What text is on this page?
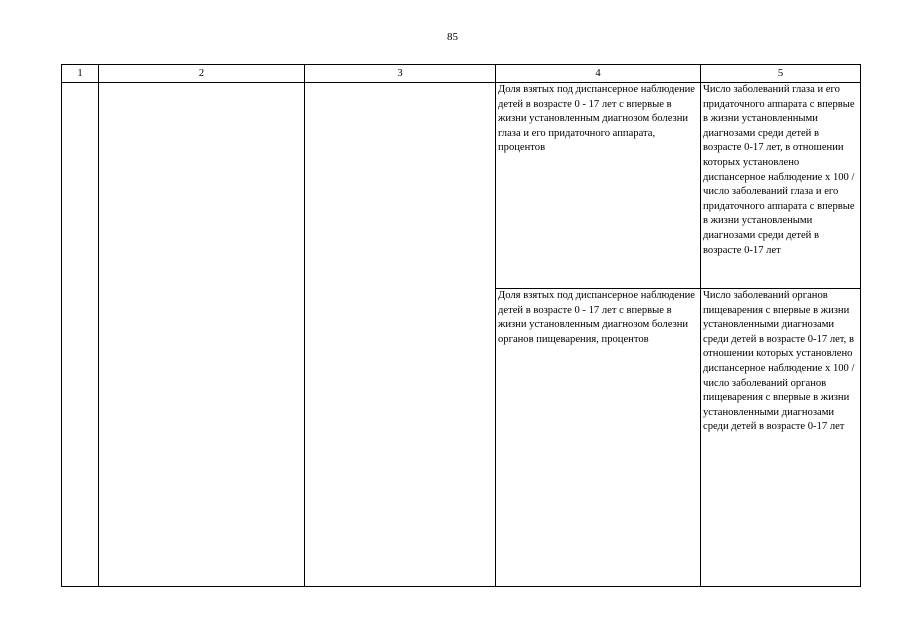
85
1	2	3	4	5
			Доля взятых под диспансерное наблюдение детей в возрасте 0 - 17 лет с впервые в жизни установленным диагнозом болезни глаза и его придаточного аппарата, процентов	Число заболеваний глаза и его придаточного аппарата с впервые в жизни установленными диагнозами среди детей в возрасте 0-17 лет, в отношении которых установлено диспансерное наблюдение х 100 / число заболеваний глаза и его придаточного аппарата с впервые в жизни установлеными диагнозами среди детей в возрасте 0-17 лет
			Доля взятых под диспансерное наблюдение детей в возрасте 0 - 17 лет с впервые в жизни установленным диагнозом болезни органов пищеварения, процентов	Число заболеваний органов пищеварения с впервые в жизни установленными диагнозами среди детей в возрасте 0-17 лет, в отношении которых установлено диспансерное наблюдение х 100 / число заболеваний органов пищеварения с впервые в жизни установленными диагнозами среди детей в возрасте 0-17 лет
